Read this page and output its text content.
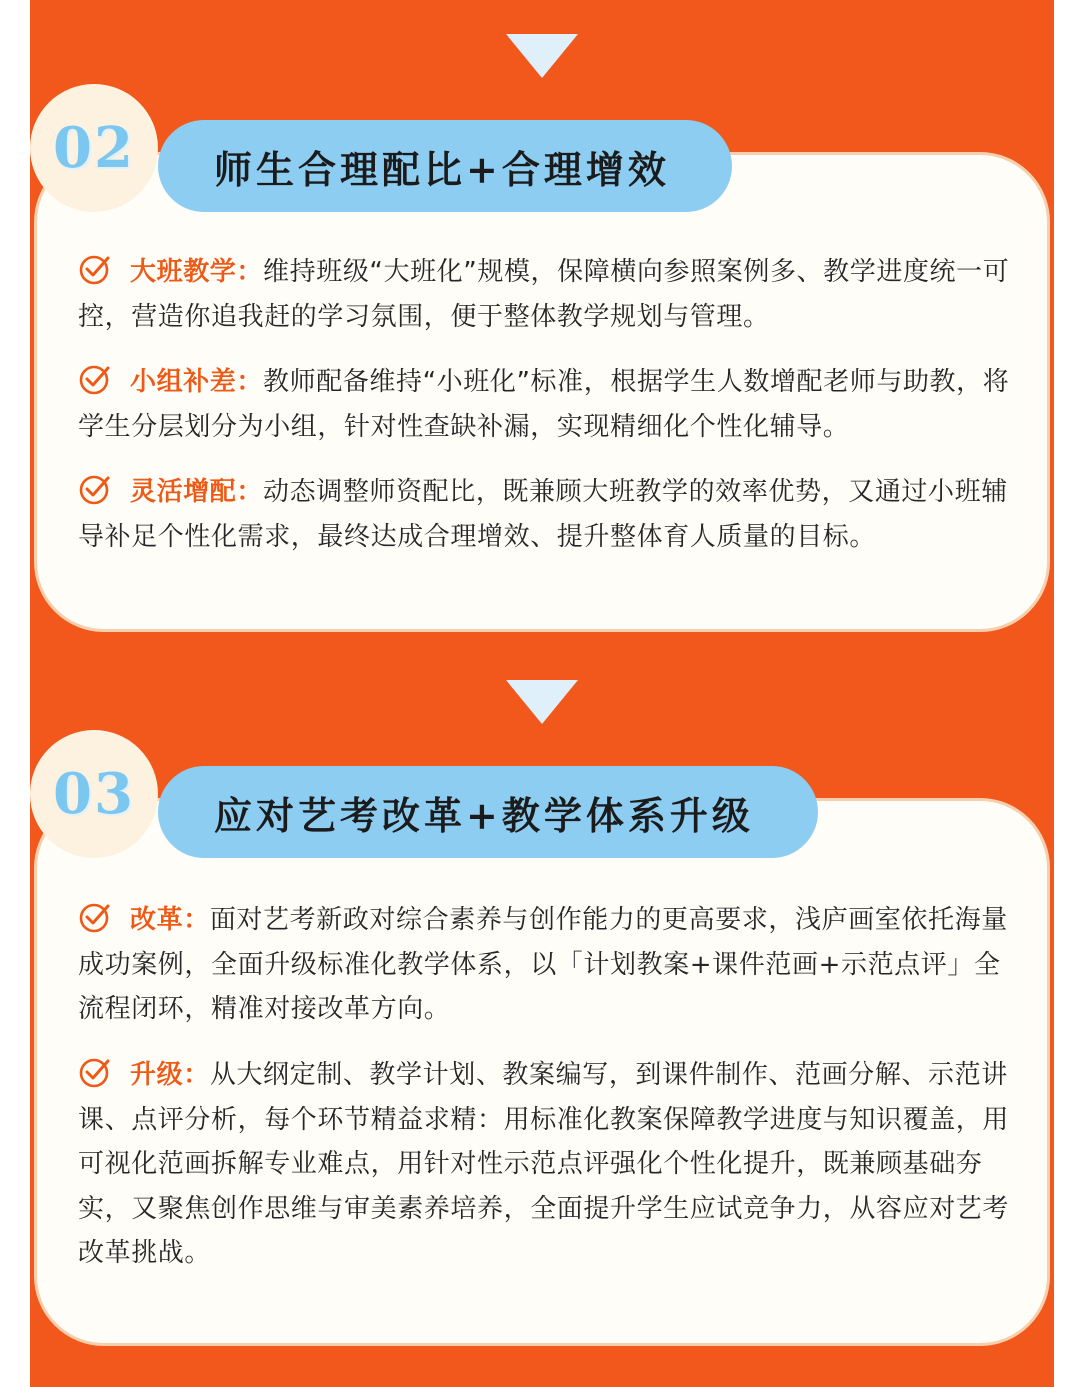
02 师生合理配比+合理增效
大班教学：维持班级“大班化”规模，保障横向参照案例多、教学进度统一可控，营造你追我赶的学习氛围，便于整体教学规划与管理。
小组补差：教师配备维持“小班化”标准，根据学生人数增配老师与助教，将学生分层划分为小组，针对性查缺补漏，实现精细化个性化辅导。
灵活增配：动态调整师资配比，既兼顾大班教学的效率优势，又通过小班辅导补足个性化需求，最终达成合理增效、提升整体育人质量的目标。
03 应对艺考改革+教学体系升级
改革：面对艺考新政对综合素养与创作能力的更高要求，浅庐画室依托海量成功案例，全面升级标准化教学体系，以「计划教案+课件范画+示范点评」全流程闭环，精准对接改革方向。
升级：从大纲定制、教学计划、教案编写，到课件制作、范画分解、示范讲课、点评分析，每个环节精益求精：用标准化教案保障教学进度与知识覆盖，用可视化范画拆解专业难点，用针对性示范点评强化个性化提升，既兼顾基础夯实，又聚焦创作思维与审美素养培养，全面提升学生应试竞争力，从容应对艺考改革挑战。
